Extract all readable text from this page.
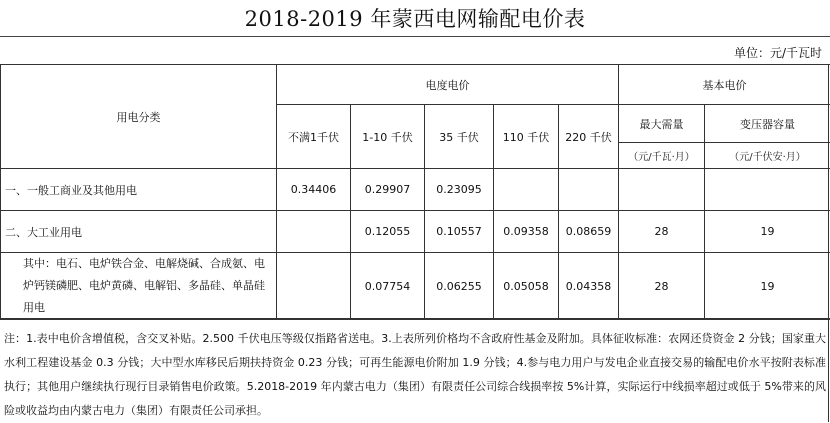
2018-2019 年蒙西电网输配电价表
单位：元/千瓦时
用电分类	电度电价					基本电价	
	不满1千伏	1-10 千伏	35 千伏	110 千伏	220 千伏	最大需量	变压器容量
						（元/千瓦·月）	（元/千伏安·月）
一、一般工商业及其他用电	0.34406	0.29907	0.23095				
二、大工业用电		0.12055	0.10557	0.09358	0.08659	28	19
其中：电石、电炉铁合金、电解烧碱、合成氨、电炉钙镁磷肥、电炉黄磷、电解铝、多晶硅、单晶硅用电		0.07754	0.06255	0.05058	0.04358	28	19
注：1.表中电价含增值税，含交叉补贴。2.500 千伏电压等级仅指路省送电。3.上表所列价格均不含政府性基金及附加。具体征收标准：农网还贷资金 2 分钱；国家重大水利工程建设基金 0.3 分钱；大中型水库移民后期扶持资金 0.23 分钱；可再生能源电价附加 1.9 分钱；4.参与电力用户与发电企业直接交易的输配电价水平按附表标准执行；其他用户继续执行现行目录销售电价政策。5.2018-2019 年内蒙古电力（集团）有限责任公司综合线损率按 5%计算，实际运行中线损率超过或低于 5%带来的风险或收益均由内蒙古电力（集团）有限责任公司承担。
